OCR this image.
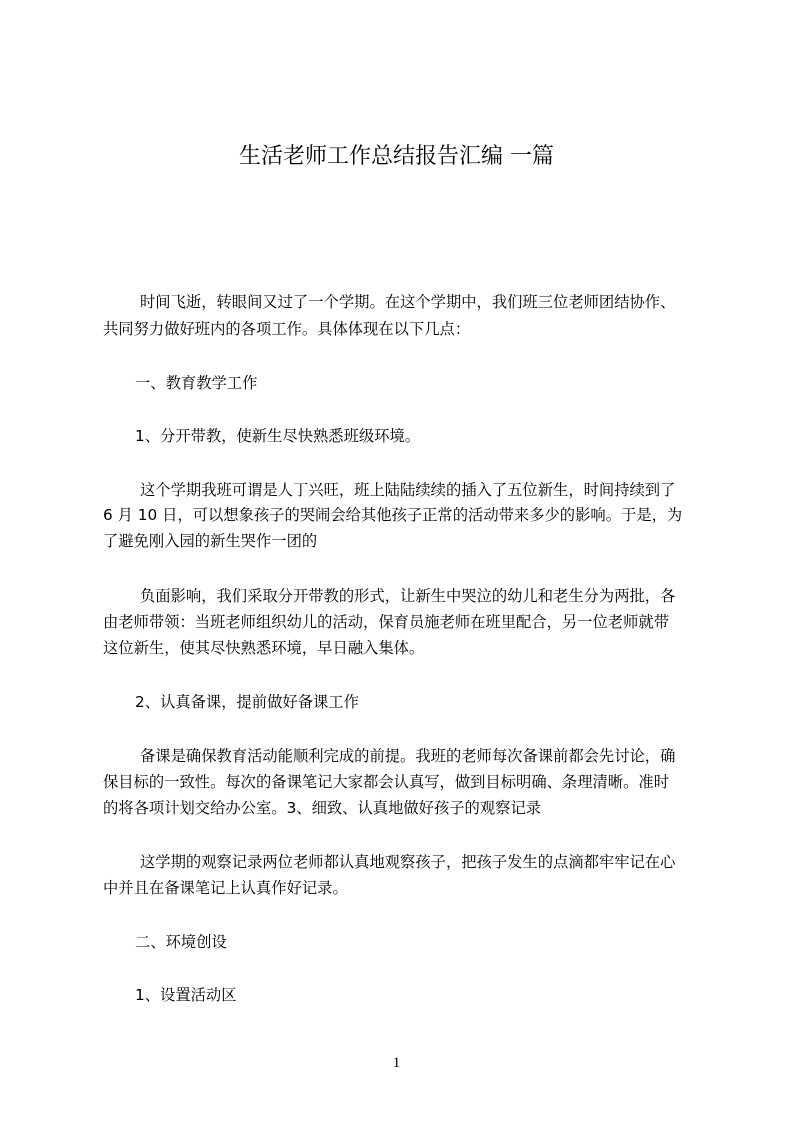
生活老师工作总结报告汇编 一篇
时间飞逝，转眼间又过了一个学期。在这个学期中，我们班三位老师团结协作、
共同努力做好班内的各项工作。具体体现在以下几点：
一、教育教学工作
1、分开带教，使新生尽快熟悉班级环境。
这个学期我班可谓是人丁兴旺，班上陆陆续续的插入了五位新生，时间持续到了
6 月 10 日，可以想象孩子的哭闹会给其他孩子正常的活动带来多少的影响。于是，为
了避免刚入园的新生哭作一团的
负面影响，我们采取分开带教的形式，让新生中哭泣的幼儿和老生分为两批，各
由老师带领：当班老师组织幼儿的活动，保育员施老师在班里配合，另一位老师就带
这位新生，使其尽快熟悉环境，早日融入集体。
2、认真备课，提前做好备课工作
备课是确保教育活动能顺利完成的前提。我班的老师每次备课前都会先讨论，确
保目标的一致性。每次的备课笔记大家都会认真写，做到目标明确、条理清晰。准时
的将各项计划交给办公室。3、细致、认真地做好孩子的观察记录
这学期的观察记录两位老师都认真地观察孩子，把孩子发生的点滴都牢牢记在心
中并且在备课笔记上认真作好记录。
二、环境创设
1、设置活动区
1
